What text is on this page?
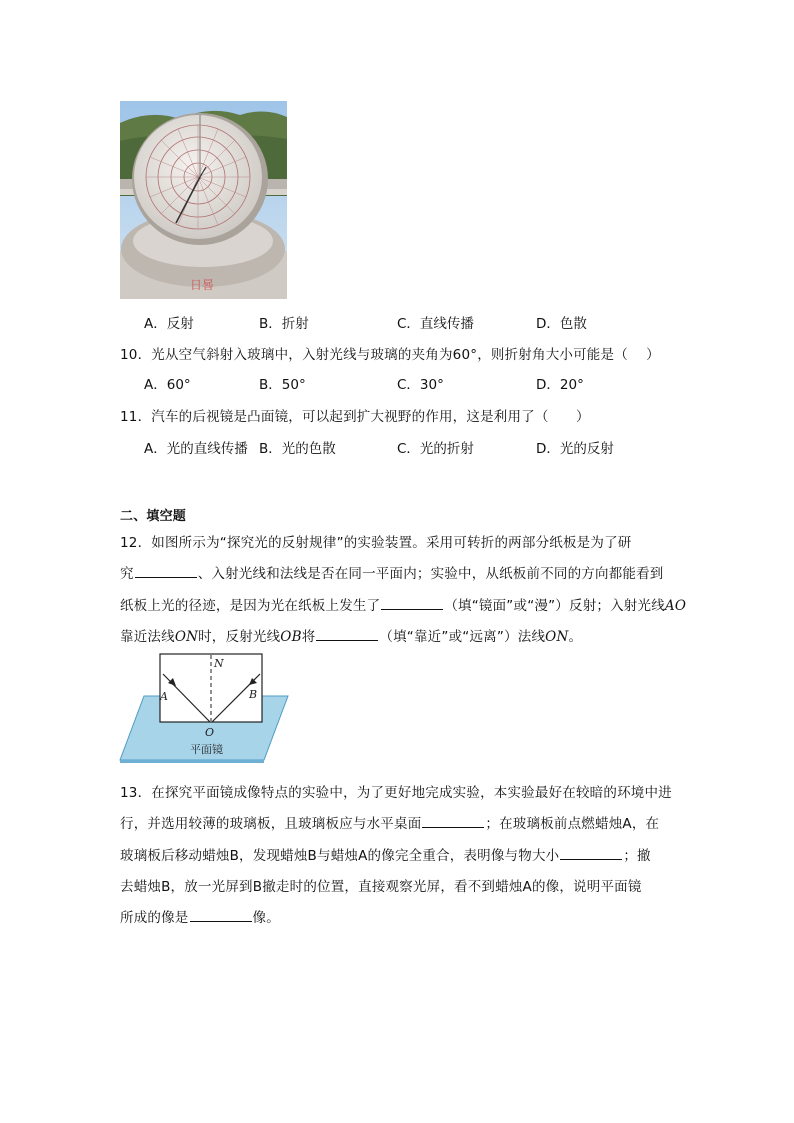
日晷
A．反射	B．折射	C．直线传播	D．色散
10．光从空气斜射入玻璃中，入射光线与玻璃的夹角为60°，则折射角大小可能是（　 ）
A．60°	B．50°	C．30°	D．20°
11．汽车的后视镜是凸面镜，可以起到扩大视野的作用，这是利用了（　　）
A．光的直线传播 B．光的色散	C．光的折射	D．光的反射
二、填空题
12．如图所示为“探究光的反射规律”的实验装置。采用可转折的两部分纸板是为了研
究	、入射光线和法线是否在同一平面内；实验中，从纸板前不同的方向都能看到
纸板上光的径迹，是因为光在纸板上发生了	（填“镜面”或“漫”）反射；入射光线AO
靠近法线ON时，反射光线OB将	（填“靠近”或“远离”）法线ON。
N
A	B
O
平面镜
13．在探究平面镜成像特点的实验中，为了更好地完成实验，本实验最好在较暗的环境中进
行，并选用较薄的玻璃板，且玻璃板应与水平桌面	；在玻璃板前点燃蜡烛A，在
玻璃板后移动蜡烛B，发现蜡烛B与蜡烛A的像完全重合，表明像与物大小	；撤
去蜡烛B，放一光屏到B撤走时的位置，直接观察光屏，看不到蜡烛A的像，说明平面镜
所成的像是	像。
